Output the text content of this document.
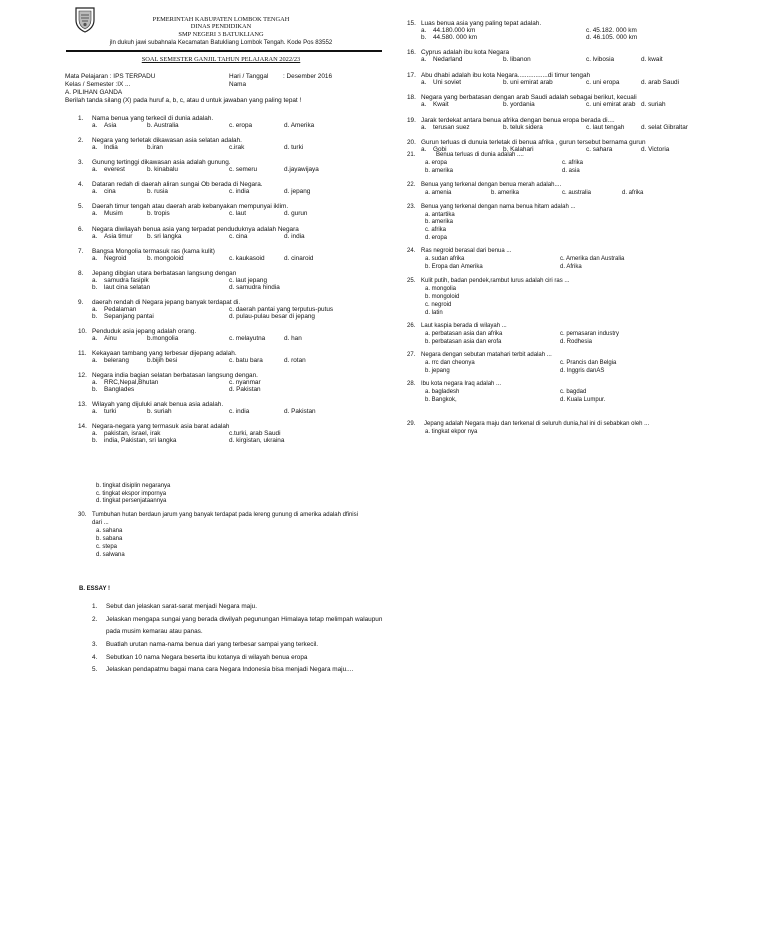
PEMERINTAH KABUPATEN LOMBOK TENGAH
DINAS PENDIDIKAN
SMP NEGERI 3 BATUKLIANG
jln dukuh jawi subahnala Kecamatan Batukliang Lombok Tengah. Kode Pos 83552
SOAL SEMESTER GANJIL TAHUN PELAJARAN 2022/23
Mata Pelajaran : IPS TERPADU
Kelas / Semester :IX ...
A. PILIHAN GANDA
Berilah tanda silang (X) pada huruf a, b, c, atau d untuk jawaban yang paling tepat !
Hari / Tanggal : Desember 2016
Nama
1. Nama benua yang terkecil di dunia adalah.
a. Asia	b. Australia	c. eropa	d. Amerika
2. Negara yang terletak dikawasan asia selatan adalah.
a. India	b.iran	c.irak	d. turki
3. Gunung tertinggi dikawasan asia adalah gunung.
a. everest	b. kinabalu	c. semeru	d.jayawijaya
4. Dataran redah di daerah aliran sungai Ob berada di Negara.
a. cina	b. rusia	c. india	d. jepang
5. Daerah timur tengah atau daerah arab kebanyakan mempunyai iklim.
a. Musim	b. tropis	c. laut	d. gurun
6. Negara diwilayah benua asia yang terpadat penduduknya adalah Negara
a. Asia timur b. sri langka	c. cina	d. india
7. Bangsa Mongolia termasuk ras (kama kulit)
a. Negroid	b. mongoloid	c. kaukasoid	d. cinaroid
8. Jepang dibgian utara berbatasan langsung dengan
a. samudra fasipik	c. laut jepang
b. laut cina selatan	d. samudra hindia
9. daerah rendah di Negara jepang banyak terdapat di.
a. Pedalaman	c. daerah pantai yang terputus-putus
b. Sepanjang pantai	d. pulau-pulau besar di jepang
10. Penduduk asia jepang adalah orang.
a. Ainu	b.mongolia	c. melayutna	d. han
11. Kekayaan tambang yang terbesar dijepang adalah.
a. belerang	b.bijih besi	c. batu bara	d. rotan
12. Negara india bagian selatan berbatasan langsung dengan.
a. RRC,Nepal,Bhutan	c. nyanmar
b. Banglades	d. Pakistan
13. Wilayah yang dijuluki anak benua asia adalah.
a. turki	b. suriah	c. india	d. Pakistan
14. Negara-negara yang termasuk asia barat adalah
a. pakistan, israel, irak	c.turki, arab Saudi
b. india, Pakistan, sri langka	d. kirgistan, ukraina
15. Luas benua asia yang paling tepat adalah.
a. 44.180.000 km	c. 45.182. 000 km
b. 44.580. 000 km	d. 46.105. 000 km
16. Cyprus adalah ibu kota Negara
a. Nedarland	b. libanon	c. lvibosia	d. kwait
17. Abu dhabi adalah ibu kota Negara.................di timur tengah
a. Uni soviet	b. uni emirat arab	c. uni eropa	d. arab Saudi
18. Negara yang berbatasan dengan arab Saudi adalah sebagai berikut, kecuali
a. Kwait	b. yordania	c. uni emirat arab d. suriah
19. Jarak terdekat antara benua afrika dengan benua eropa berada di....
a. terusan suez	b. teluk sidera	c. laut tengah	d. selat Gibraltar
20. Gurun terluas di dunuia terletak di benua afrika , gurun tersebut bernama gurun
a. Gobi	b. Kalahari	c. sahara	d. Victoria
21.	Benua terluas di dunia adalah ....
a. eropa
b. amerika
c. afrika
d. asia
22. Benua yang terkenal dengan benua merah adalah....
a. amenia	b. amerika	c. australia	d. afrika
23. Benua yang terkenal dengan nama benua hitam adalah ...
a. antartika
b. amerika
c. afrika
d. eropa
24. Ras negroid berasal dari benua ...
a. sudan afrika
b. Eropa dan Amerika
c. Amerika dan Australia
d. Afrika
25. Kulit putih, badan pendek,rambut lurus adalah ciri ras ...
a. mongolia
b. mongoloid
c. negroid
d. latin
26. Laut kaspia berada di wilayah ...
a. perbatasan asia dan afrika
b. perbatasan asia dan erofa
c. pemasaran industry
d. Rodhesia
27. Negara dengan sebutan matahari terbit adalah ...
a. rrc dan cheonya
b. jepang
c. Prancis dan Belgia
d. Inggris danAS
28. Ibu kota negara Iraq adalah ...
a. bagladesh
b. Bangkok,
c. bagdad
d. Kuala Lumpur.
29. Jepang adalah Negara maju dan terkenal di seluruh dunia,hal ini di sebabkan oleh ...
a. tingkat ekpor nya
b. tingkat disiplin negaranya
c. tingkat ekspor impornya
d. tingkat persenjataannya
30. Tumbuhan hutan berdaun jarum yang banyak terdapat pada lereng gunung di amerika adalah dfinisi
dari ...
a. sahana
b. sabana
c. stepa
d. salwana
B. ESSAY !
1. Sebut dan jelaskan sarat-sarat menjadi Negara maju.
2. Jelaskan mengapa sungai yang berada diwilyah pegunungan Himalaya tetap melimpah walaupun
pada musim kemarau atau panas.
3. Buatlah urutan nama-nama benua dari yang terbesar sampai yang terkecil.
4. Sebutkan 10 nama Negara beserta ibu kotanya di wilayah benua eropa
5. Jelaskan pendapatmu bagai mana cara Negara Indonesia bisa menjadi Negara maju....
